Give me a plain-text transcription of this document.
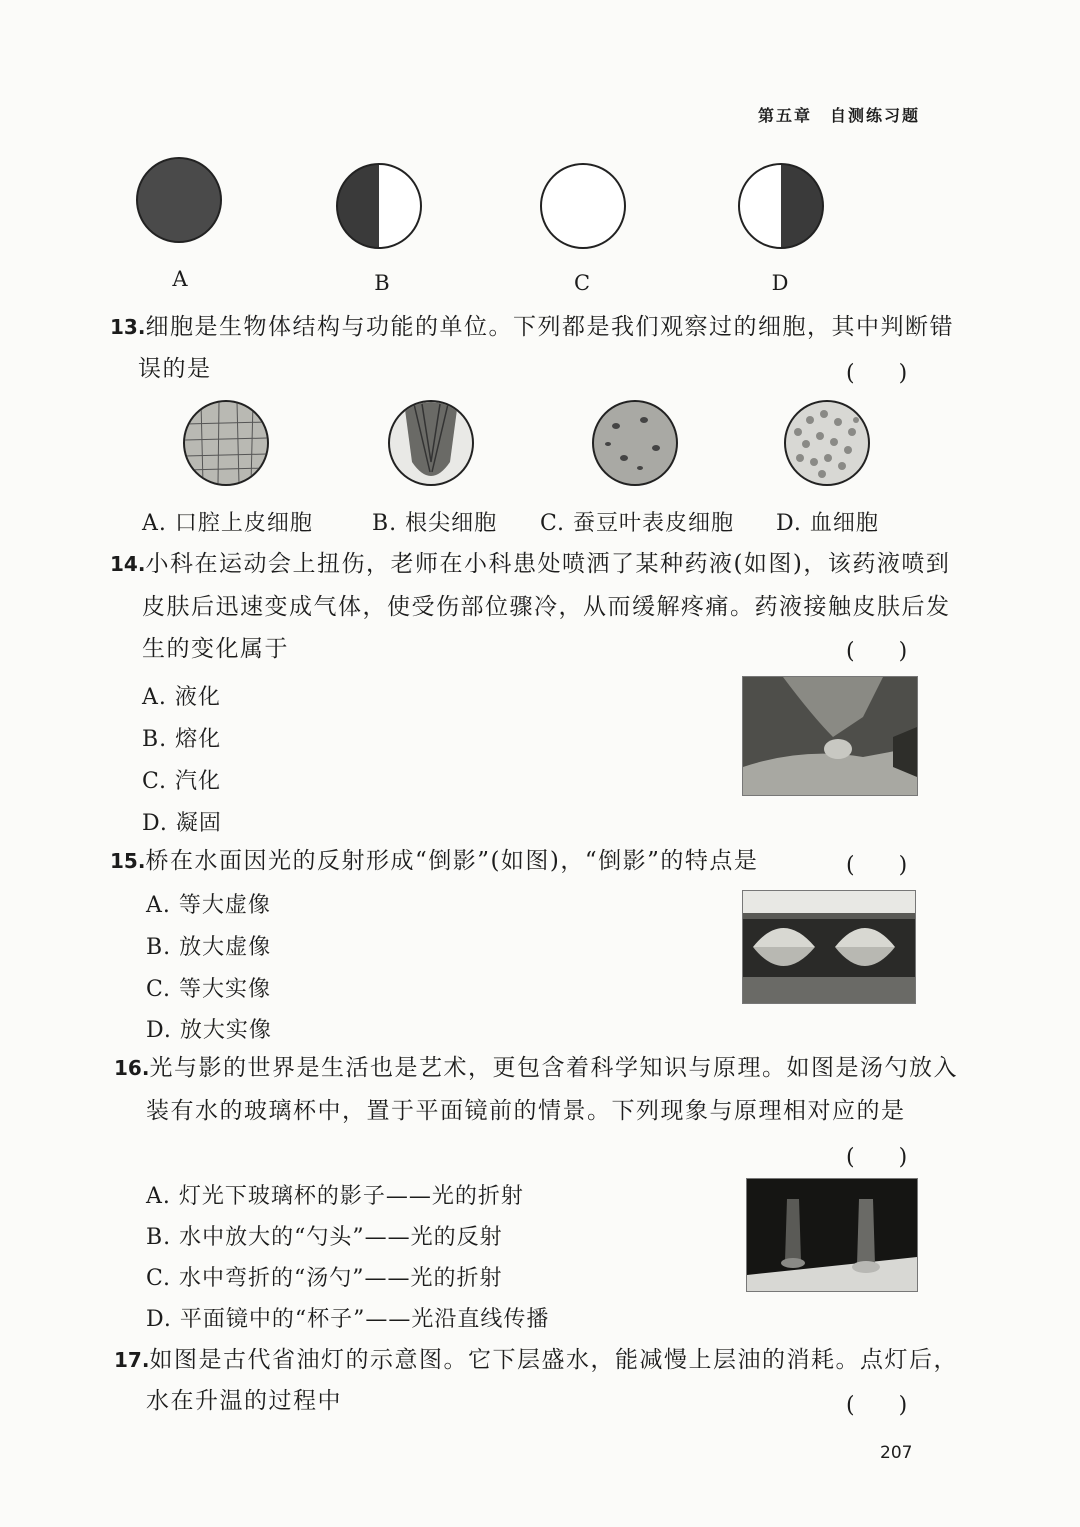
第五章　自测练习题
A	B	C	D
13.细胞是生物体结构与功能的单位。下列都是我们观察过的细胞，其中判断错
误的是	(　　)
A. 口腔上皮细胞	B. 根尖细胞 C. 蚕豆叶表皮细胞 D. 血细胞
14.小科在运动会上扭伤，老师在小科患处喷洒了某种药液(如图)，该药液喷到
皮肤后迅速变成气体，使受伤部位骤冷，从而缓解疼痛。药液接触皮肤后发
生的变化属于	(　　)
A. 液化
B. 熔化
C. 汽化
D. 凝固
15.桥在水面因光的反射形成“倒影”(如图)，“倒影”的特点是	(　　)
A. 等大虚像
B. 放大虚像
C. 等大实像
D. 放大实像
16.光与影的世界是生活也是艺术，更包含着科学知识与原理。如图是汤勺放入
装有水的玻璃杯中，置于平面镜前的情景。下列现象与原理相对应的是
(　　)
A. 灯光下玻璃杯的影子——光的折射
B. 水中放大的“勺头”——光的反射
C. 水中弯折的“汤勺”——光的折射
D. 平面镜中的“杯子”——光沿直线传播
17.如图是古代省油灯的示意图。它下层盛水，能减慢上层油的消耗。点灯后，
水在升温的过程中	(　　)
207
